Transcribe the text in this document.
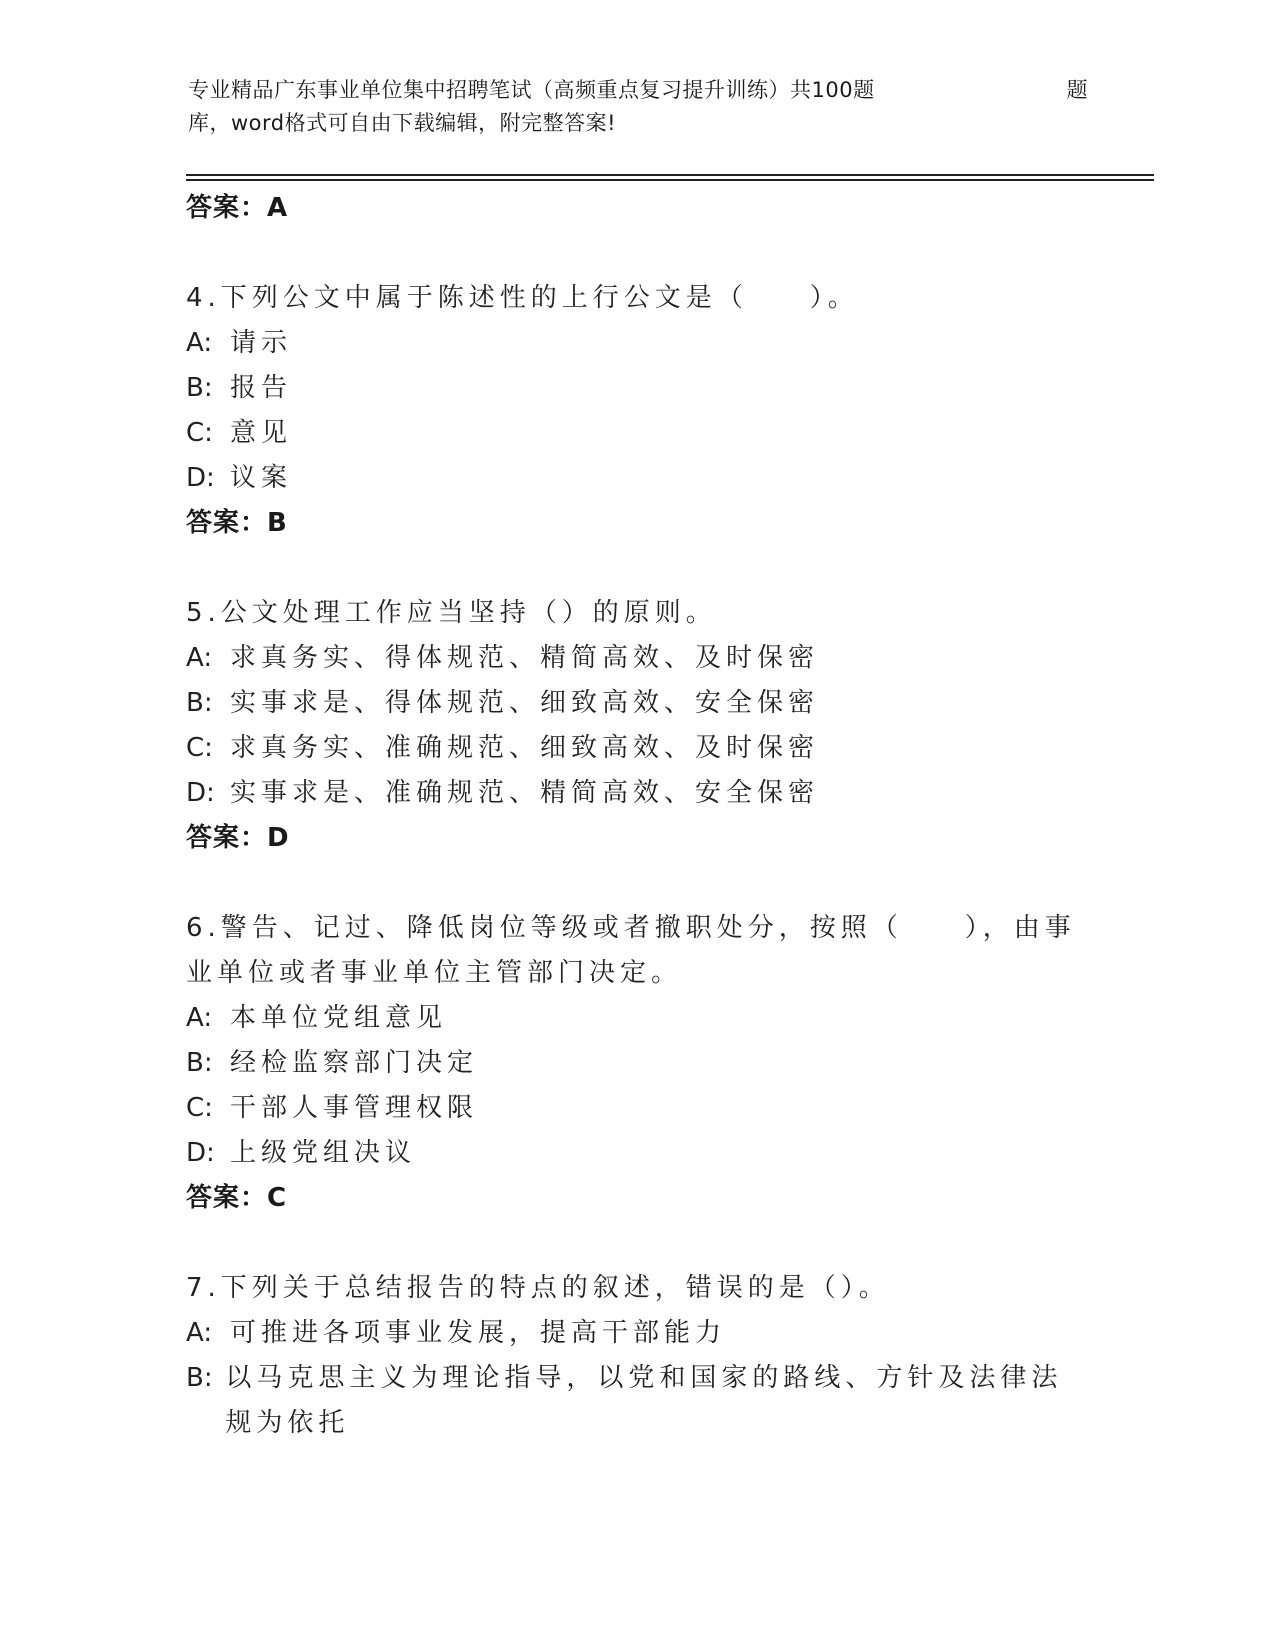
专业精品广东事业单位集中招聘笔试（高频重点复习提升训练）共100题	题
库，word格式可自由下载编辑，附完整答案!
答案：A
4.下列公文中属于陈述性的上行公文是（　　）。
A: 请示
B: 报告
C: 意见
D: 议案
答案：B
5.公文处理工作应当坚持（）的原则。
A: 求真务实、得体规范、精简高效、及时保密
B: 实事求是、得体规范、细致高效、安全保密
C: 求真务实、准确规范、细致高效、及时保密
D: 实事求是、准确规范、精简高效、安全保密
答案：D
6.警告、记过、降低岗位等级或者撤职处分，按照（　　），由事业单位或者事业单位主管部门决定。
A: 本单位党组意见
B: 经检监察部门决定
C: 干部人事管理权限
D: 上级党组决议
答案：C
7.下列关于总结报告的特点的叙述，错误的是（）。
A: 可推进各项事业发展，提高干部能力
B: 以马克思主义为理论指导，以党和国家的路线、方针及法律法规为依托
